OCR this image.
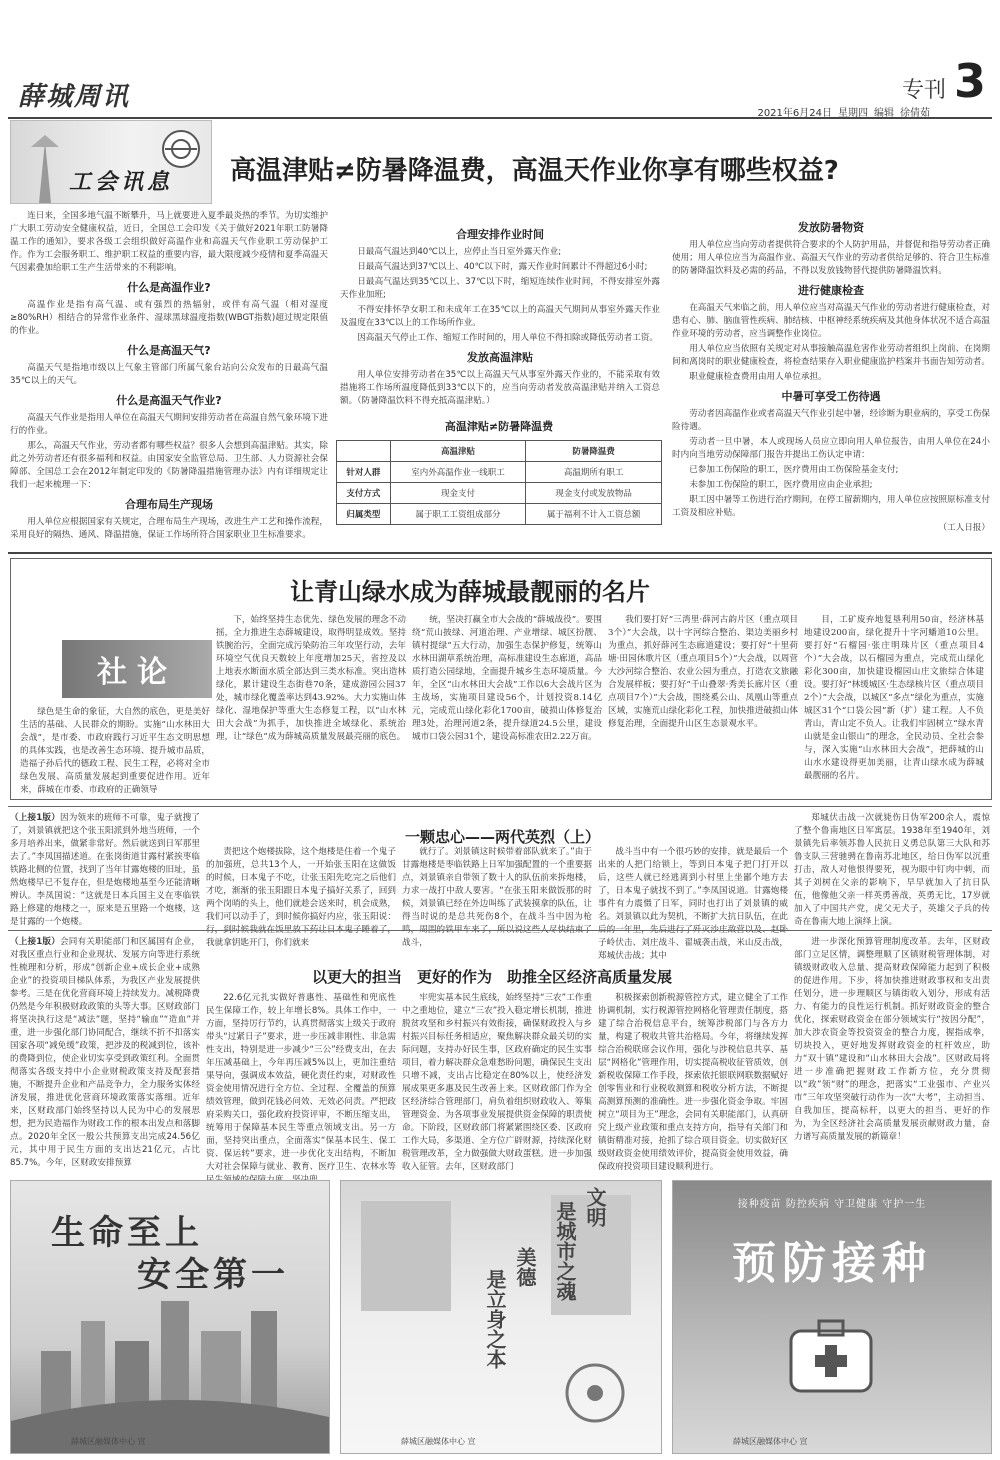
薛城周讯	专刊 3
2021年6月24日 星期四 编辑 徐倩茹
工会讯息 高温津贴≠防暑降温费，高温天作业你享有哪些权益?

连日来，全国多地气温不断攀升，马上就要进入夏季最炎热的季节。为切实维护广大职工劳动安全健康权益，近日，全国总工会印发《关于做好2021年职工防暑降温工作的通知》，要求各级工会组织做好高温作业和高温天气作业职工劳动保护工作。作为工会服务职工、维护职工权益的重要内容，最大限度减少疫情和夏季高温天气因素叠加给职工生产生活带来的不利影响。

什么是高温作业?

高温作业是指有高气温、或有强烈的热辐射，或伴有高气温（相对湿度≥80%RH）相结合的异常作业条件、湿球黑球温度指数(WBGT指数)超过规定限值的作业。

什么是高温天气?

高温天气是指地市级以上气象主管部门所属气象台站向公众发布的日最高气温35℃以上的天气。

什么是高温天气作业?

高温天气作业是指用人单位在高温天气期间安排劳动者在高温自然气象环境下进行的作业。

那么，高温天气作业，劳动者都有哪些权益？很多人会想到高温津贴。其实，除此之外劳动者还有很多福利和权益。由国家安全监管总局、卫生部、人力资源社会保障部、全国总工会在2012年制定印发的《防暑降温措施管理办法》内有详细规定让我们一起来梳理一下：

合理布局生产现场

用人单位应根据国家有关规定，合理布局生产现场，改进生产工艺和操作流程，采用良好的隔热、通风、降温措施，保证工作场所符合国家职业卫生标准要求。

合理安排作业时间

日最高气温达到40℃以上，应停止当日室外露天作业;

日最高气温达到37℃以上、40℃以下时，露天作业时间累计不得超过6小时;

日最高气温达到35℃以上、37℃以下时，缩短连续作业时间，不得安排室外露天作业加班;

不得安排怀孕女职工和未成年工在35℃以上的高温天气期间从事室外露天作业及温度在33℃以上的工作场所作业。

因高温天气停止工作、缩短工作时间的，用人单位不得扣除或降低劳动者工资。

发放高温津贴

用人单位安排劳动者在35℃以上高温天气从事室外露天作业的，不能采取有效措施将工作场所温度降低到33℃以下的，应当向劳动者发放高温津贴并纳入工资总额。（防暑降温饮料不得充抵高温津贴。）

高温津贴≠防暑降温费
	高温津贴	防暑降温费
针对人群	室内外高温作业一线职工	高温期所有职工
支付方式	现金支付	现金支付或发放物品
归属类型	属于职工工资组成部分	属于福利不计入工资总额
发放防暑物资

用人单位应当向劳动者提供符合要求的个人防护用品，并督促和指导劳动者正确使用；用人单位应当为高温作业、高温天气作业的劳动者供给足够的、符合卫生标准的防暑降温饮料及必需的药品，不得以发放钱物替代提供防暑降温饮料。

进行健康检查

在高温天气来临之前，用人单位应当对高温天气作业的劳动者进行健康检查，对患有心、肺、脑血管性疾病、肺结核、中枢神经系统疾病及其他身体状况不适合高温作业环境的劳动者，应当调整作业岗位。

用人单位应当依照有关规定对从事接触高温危害作业劳动者组织上岗前、在岗期间和离岗时的职业健康检查，将检查结果存入职业健康监护档案并书面告知劳动者。

职业健康检查费用由用人单位承担。

中暑可享受工伤待遇

劳动者因高温作业或者高温天气作业引起中暑，经诊断为职业病的，享受工伤保险待遇。

劳动者一旦中暑，本人或现场人员应立即向用人单位报告，由用人单位在24小时内向当地劳动保障部门报告并提出工伤认定申请：

已参加工伤保险的职工，医疗费用由工伤保险基金支付;

未参加工伤保险的职工，医疗费用应由企业承担;

职工因中暑等工伤进行治疗期间，在停工留薪期内，用人单位应按照原标准支付工资及相应补贴。

（工人日报）
让青山绿水成为薛城最靓丽的名片
社论

绿色是生命的象征，大自然的底色，更是美好生活的基础、人民群众的期盼。实施“山水林田大会战”，是市委、市政府践行习近平生态文明思想的具体实践，也是改善生态环境、提升城市品质，造福子孙后代的德政工程、民生工程，必将对全市绿色发展、高质量发展起到重要促进作用。近年来，薛城在市委、市政府的正确领导

下，始终坚持生态优先、绿色发展的理念不动摇，全力推进生态薛城建设，取得明显成效。坚持铁腕治污，全面完成污染防治三年攻坚行动，去年环境空气优良天数较上年度增加25天，省控及以上地表水断面水质全部达到三类水标准。突出造林绿化，累计建设生态街巷70条，建成游园公园37处，城市绿化覆盖率达到43.92%。大力实施山体绿化、湿地保护等重大生态修复工程，以“山水林田大会战”为抓手，加快推进全域绿化、系统治理，让“绿色”成为薛城高质量发展最亮丽的底色。

统，坚决打赢全市大会战的“薛城战役”。要围绕“荒山披绿、河道治理、产业增绿、城区扮靓、镇村提绿”五大行动，加强生态保护修复，统筹山水林田湖草系统治理，高标准建设生态廊道，高品质打造公园绿地，全面提升城乡生态环境质量。今年，全区“山水林田大会战”工作以6大会战片区为主战场，实施项目建设56个，计划投资8.14亿元，完成荒山绿化彩化1700亩，破损山体修复治理3处，治理河道2条，提升绿道24.5公里，建设城市口袋公园31个，建设高标准农田2.22万亩。

我们要打好“三湾里·薛河古韵片区（重点项目3个）”大会战，以十字河综合整治、渠边美丽乡村为重点，抓好薛河生态廊道建设；要打好“十里荷塘·田园休歌片区（重点项目5个）”大会战，以周营大沙河综合整治、农业公园为重点，打造农文旅融合发展样板；要打好“千山叠翠·秀美长廊片区（重点项目7个）”大会战，围绕奚公山、凤凰山等重点区域，实施荒山绿化彩化工程，加快推进破损山体修复治理，全面提升山区生态景观水平。

目，工矿废弃地复垦利用50亩，经济林基地建设200亩，绿化提升十字河蟠道10公里。要打好“石榴园·张庄明珠片区（重点项目4个）”大会战，以石榴园为重点，完成荒山绿化彩化300亩，加快建设榴园山庄文旅综合体建设。要打好“林缓城区·生态绿核片区（重点项目2个）”大会战，以城区“多点”绿化为重点，实施城区31个“口袋公园”新（扩）建工程。人不负青山，青山定不负人。让我们牢固树立“绿水青山就是金山银山”的理念，全民动员、全社会参与，深入实施“山水林田大会战”，把薛城的山山水水建设得更加美丽，让青山绿水成为薛城最靓丽的名片。

一颗忠心——两代英烈（上）
（上接1版）因为领来的班师不可靠，鬼子就搜了了，刘景镇就把这个张玉阳派到外地当班师，一个多月培养出来，做紧非常好。然后就送到日军那里去了。”李凤国描述道。在张岗街道甘露村紧挨枣临铁路北侧的位置，找到了当年甘露炮楼的旧址，虽然炮楼早已不复存在，但是炮楼地基至今还能清晰辨认。李凤国说：“这就是日本兵国主义在枣临铁路上修建的炮楼之一，原来是五里路一个炮楼，这是甘露的一个炮楼。

责把这个炮楼拔除，这个炮楼是住着一个鬼子的加强班，总共13个人，一开始张玉阳在这做饭的时候，日本鬼子不吃，让张玉阳先吃完之后他们才吃，渐渐的张玉阳跟日本鬼子搞好关系了，回到两个岗哨的头上，他们就趁会送来时，机会成熟，我们可以动手了，到时候你搞好内应，张玉阳说：行，到时候我就在饭里放下药让日本鬼子睡着了，我就拿钥匙开门，你们就来

就行了。刘景镇这时候带着部队就来了。”由于甘露炮楼是枣临铁路上日军加强配置的一个重要据点，刘景镇亲自带领了数十人的队伍前来拆炮楼，力求一战打中敌人要害。“在张玉阳来做饭那的时候，刘景镇已经在外边叫练了武装摸拿的队伍，让得当时说的是总共死伤8个，在战斗当中因为枪鸣，周围的铁甲车来了，所以说这些人尽快结束了战斗，

战斗当中有一个很巧妙的安排，就是最后一个出来的人把门给锁上，等到日本鬼子把门打开以后，这些人就已经逃离到小村里上坐鄙个地方去了，日本鬼子就找不到了。”李凤国说道。甘露炮楼事件有力震慑了日军，同时也打出了刘景镇的威名。刘景镇以此为契机，不断扩大抗日队伍，在此后的一年里，先后进行了歼灭沙庄敌营以及、赵卧子岭伏击、刘庄战斗、翟城袭击战，米山反击战，郑城伏击战；其中

郑城伏击战一次就毙伤日伪军200余人，震惊了整个鲁南地区日军寓层。1938年至1940年，刘景镇先后率领苏鲁人民抗日义勇总队第三大队和苏鲁支队三营驰骋在鲁南苏北地区，给日伪军以沉重打击，敌人对他恨得要死，视为眼中钉肉中刺，而其子刘树在父亲的影响下，早早就加入了抗日队伍，他像他父亲一样英勇善战，英勇无比，17岁就加入了中国共产党，虎父无犬子，英雄父子兵的传奇在鲁南大地上演绎上演。

以更大的担当　更好的作为　助推全区经济高质量发展
（上接1版）会同有关职能部门和区属国有企业，对我区重点行业和企业现状、发展方向等进行系统性梳理和分析，形成“创新企业+成长企业+成熟企业”的投资项目梯队体系，为我区产业发展提供参考。三是在优化营商环境上持续发力。减税降费仍然是今年积极财政政策的头等大事。区财政部门将坚决执行这是“减法”题，坚持“输血”“造血”并重，进一步强化部门协同配合，继续不折不扣落实国家各项“减免缓”政策，把涉及的税减到位，该补的费降到位，使企业切实享受到政策红利。全面贯彻落实各级支持中小企业财税政策支持及配套措施，不断提升企业和产品竞争力，全力服务实体经济发展，推进优化营商环境政策落实落细。近年来，区财政部门始终坚持以人民为中心的发展思想，把为民造福作为财政工作的根本出发点和落脚点。2020年全区一般公共预算支出完成24.56亿元，其中用于民生方面的支出达21亿元，占比85.7%。今年，区财政安排预算

22.6亿元扎实做好普惠性、基础性和兜底性民生保障工作，较上年增长8%。具体工作中，一方面，坚持厉行节约，认真贯彻落实上级关于政府带头“过紧日子”要求，进一步压减非刚性、非急需性支出，特别是进一步减少“三公”经费支出，在去年压减基础上，今年再压减5%以上，更加注重结果导向，强调成本效益，硬化责任约束，对财政性资金使用情况进行全方位、全过程、全覆盖的预算绩效管理，做到花钱必问效、无效必问责。严把政府采购关口，强化政府投资评审，不断压缩支出，统筹用于保障基本民生等重点领域支出。另一方面，坚持突出重点，全面落实“保基本民生、保工资、保运转”要求，进一步优化支出结构，不断加大对社会保障与就业、教育、医疗卫生、农林水等

牢兜实基本民生底线，始终坚持“三农”工作重中之重地位，建立“三农”投入稳定增长机制，推进脱贫攻坚和乡村振兴有效衔接，确保财政投入与乡村振兴目标任务相适应，聚焦解决群众最关切的实际问题，支持办好民生事，区政府确定的民生实事项目，着力解决群众急难愁盼问题，确保民生支出只增不减，支出占比稳定在80%以上，使经济发展成果更多惠及民生改善上来。区财政部门作为全区经济综合管理部门，肩负着组织财政收入、筹集管理资金、为各项事业发展提供资金保障的职责使命。下阶段，区财政部门将紧紧围绕区委、区政府工作大局，多渠道、全方位广辟财源，持续深化财税管理改革，全力做强做大财政蛋糕。进一步加强收入征管。去年，区财政部门

积极探索创新税源管控方式，建立健全了工作协调机制，实行税源管控网格化管理责任制度，搭建了综合治税信息平台，统筹涉税部门与各方力量，构建了税收共管共治格局。今年，将继续发挥综合治税联席会议作用，强化与涉税信息共享、基层“网格化”管理作用，切实提高税收征管质效，创新税收保障工作手段，探索依托银联网联数据赋好创零售业和行业税收测算和税收分析方法，不断提高测算预测的准确性。进一步强化资金争取。牢固树立“项目为王”理念，会同有关职能部门，认真研究上级产业政策和重点支持方向，指导有关部门和镇街精准对接，抢抓了综合项目资金。切实做好区级财政资金使用绩效评价，提高资金使用效益，确保政府投资项目建设顺利进行。

进一步深化预算管理制度改革。去年，区财政部门立足区情，调整理顺了区镇财税管理体制，对镇级财政收入总量、提高财政保障能力起到了积极的促进作用。下步，将加快推进财政事权和支出责任划分，进一步理顺区与镇街收入划分，形成有活力、有能力的良性运行机制。抓好财政资金的整合优化，探索财政资金在部分领域实行“按因分配”，加大涉农资金等投资资金的整合力度，握指成拳，切块投入，更好地发挥财政资金的杠杆效应，助力“双十镇”建设和“山水林田大会战”。区财政局将进一步准确把握财政工作新方位，充分贯彻以“政”领“财”的理念，把落实“工业强市、产业兴市”三年攻坚突破行动作为一次“大考”，主动担当、自我加压，提高标杆，以更大的担当、更好的作为，为全区经济社会高质量发展贡献财政力量，奋力谱写高质量发展的新篇章！

生命至上
安全第一
薛城区融媒体中心 宣
是立身之本
美德 是城市之魂 文明
薛城区融媒体中心 宣
接种疫苗 防控疾病 守卫健康 守护一生
预防接种
薛城区融媒体中心 宣
